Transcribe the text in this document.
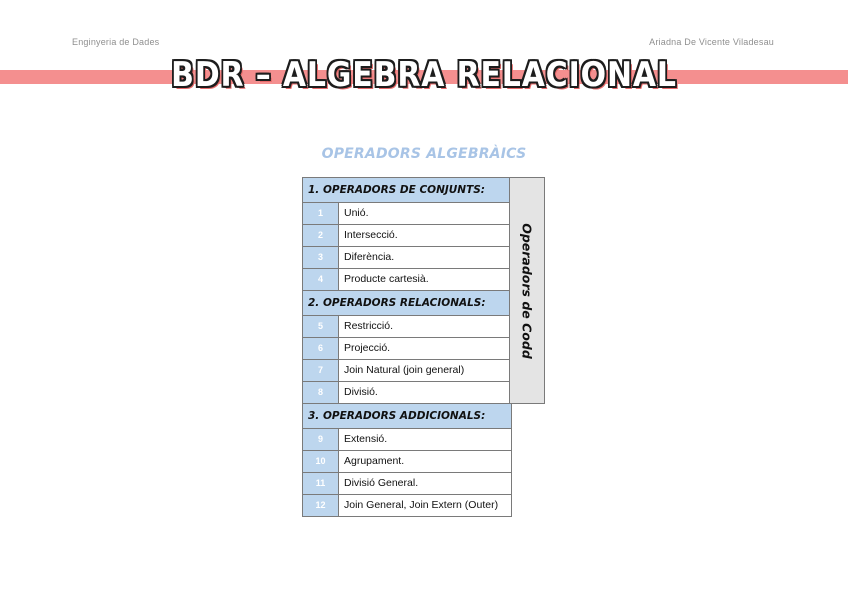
Enginyeria de Dades	Ariadna De Vicente Viladesau
BDR – ALGEBRA RELACIONAL
OPERADORS ALGEBRÀICS
1. OPERADORS DE CONJUNTS:
1	Unió.
2	Intersecció.
3	Diferència.
4	Producte cartesià.
2. OPERADORS RELACIONALS:
5	Restricció.
6	Projecció.
7	Join Natural (join general)
8	Divisió.
3. OPERADORS ADDICIONALS:
9	Extensió.
10	Agrupament.
11	Divisió General.
12	Join General, Join Extern (Outer)
Operadors de Codd
